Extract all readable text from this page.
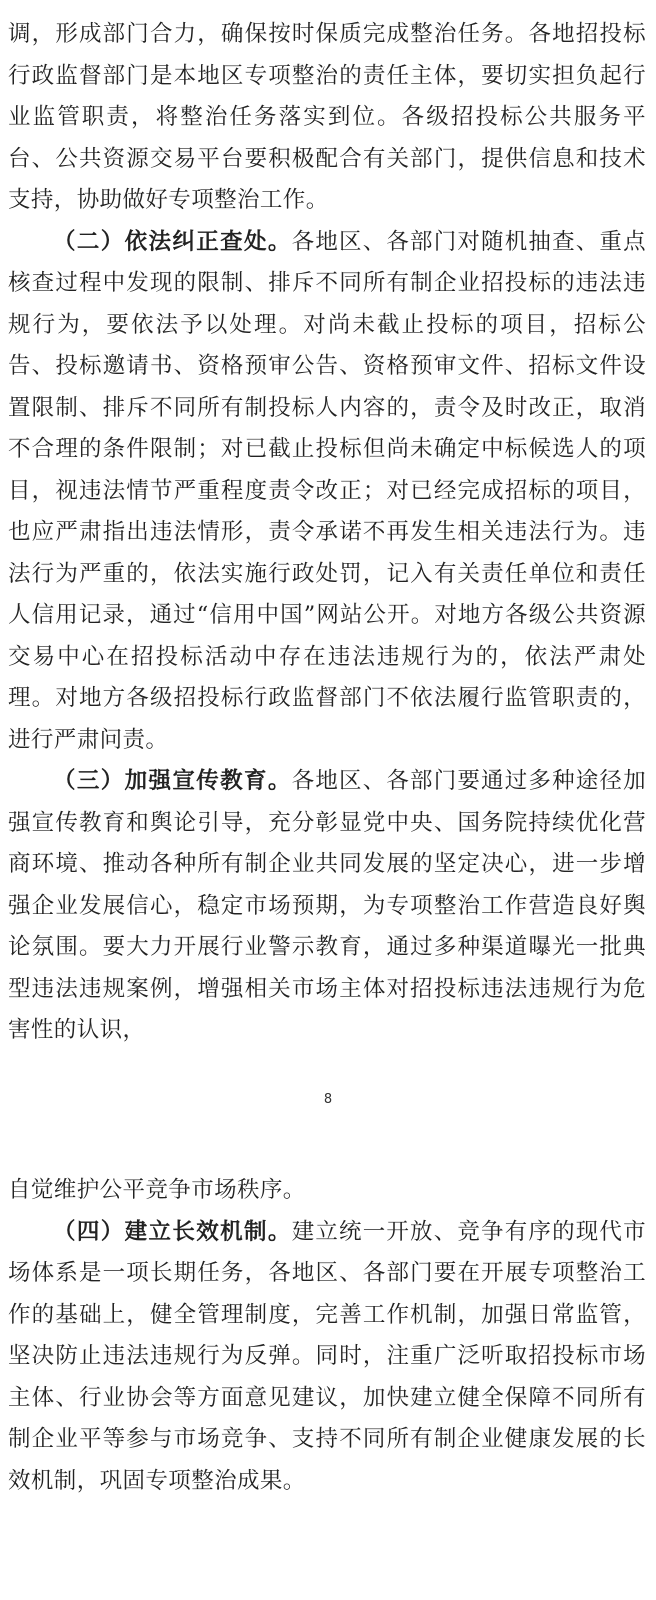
调，形成部门合力，确保按时保质完成整治任务。各地招投标行政监督部门是本地区专项整治的责任主体，要切实担负起行业监管职责，将整治任务落实到位。各级招投标公共服务平台、公共资源交易平台要积极配合有关部门，提供信息和技术支持，协助做好专项整治工作。

（二）依法纠正查处。各地区、各部门对随机抽查、重点核查过程中发现的限制、排斥不同所有制企业招投标的违法违规行为，要依法予以处理。对尚未截止投标的项目，招标公告、投标邀请书、资格预审公告、资格预审文件、招标文件设置限制、排斥不同所有制投标人内容的，责令及时改正，取消不合理的条件限制；对已截止投标但尚未确定中标候选人的项目，视违法情节严重程度责令改正；对已经完成招标的项目，也应严肃指出违法情形，责令承诺不再发生相关违法行为。违法行为严重的，依法实施行政处罚，记入有关责任单位和责任人信用记录，通过“信用中国”网站公开。对地方各级公共资源交易中心在招投标活动中存在违法违规行为的，依法严肃处理。对地方各级招投标行政监督部门不依法履行监管职责的，进行严肃问责。

（三）加强宣传教育。各地区、各部门要通过多种途径加强宣传教育和舆论引导，充分彰显党中央、国务院持续优化营商环境、推动各种所有制企业共同发展的坚定决心，进一步增强企业发展信心，稳定市场预期，为专项整治工作营造良好舆论氛围。要大力开展行业警示教育，通过多种渠道曝光一批典型违法违规案例，增强相关市场主体对招投标违法违规行为危害性的认识，

8

自觉维护公平竞争市场秩序。

（四）建立长效机制。建立统一开放、竞争有序的现代市场体系是一项长期任务，各地区、各部门要在开展专项整治工作的基础上，健全管理制度，完善工作机制，加强日常监管，坚决防止违法违规行为反弹。同时，注重广泛听取招投标市场主体、行业协会等方面意见建议，加快建立健全保障不同所有制企业平等参与市场竞争、支持不同所有制企业健康发展的长效机制，巩固专项整治成果。
